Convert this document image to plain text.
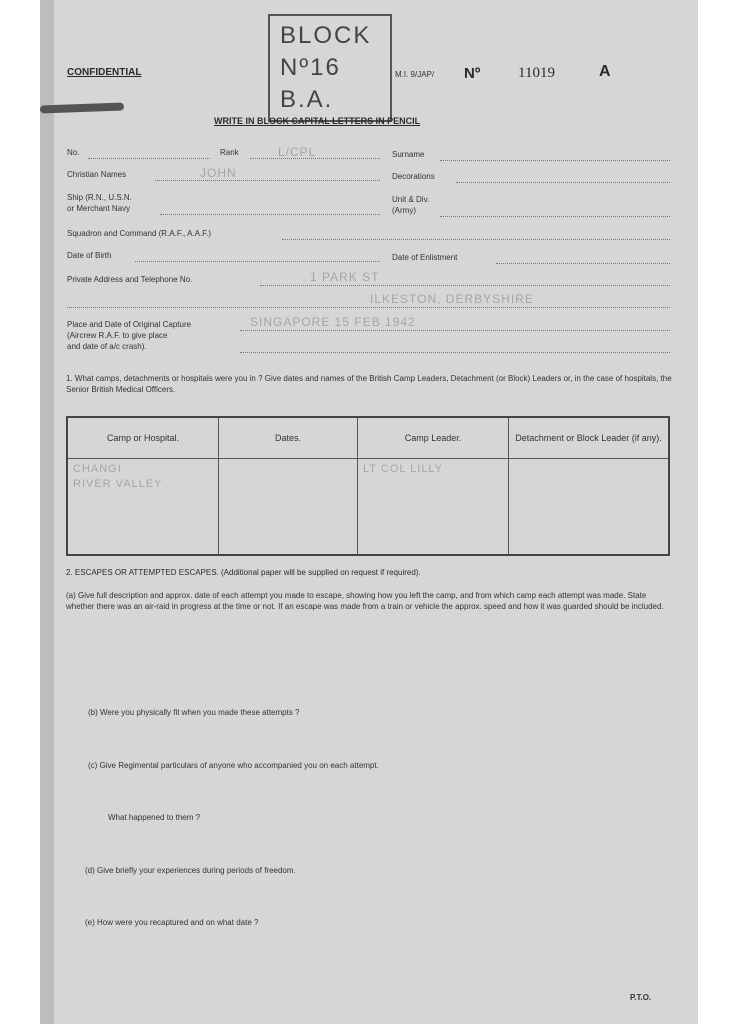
CONFIDENTIAL
BLOCK
Nº16
B.A.
M.I. 9/JAP/ Nº	11019	A
WRITE IN BLOCK CAPITAL LETTERS IN PENCIL
No.	Rank	L/CPL	Surname
Christian Names	JOHN	Decorations
Ship (R.N., U.S.N.
or Merchant Navy
Unit & Div.
(Army)
Squadron and Command (R.A.F., A.A.F.)
Date of Birth	Date of Enlistment
Private Address and Telephone No.	1 PARK ST
ILKESTON, DERBYSHIRE
Place and Date of Original Capture
(Aircrew R.A.F. to give place
and date of a/c crash).
SINGAPORE 15 FEB 1942
1. What camps, detachments or hospitals were you in ? Give dates and names of the British Camp Leaders, Detachment (or Block) Leaders or, in the case of hospitals, the Senior British Medical Officers.
Camp or Hospital.	Dates.	Camp Leader.	Detachment or Block Leader (if any).

CHANGI
RIVER VALLEY		LT COL LILLY	

2. ESCAPES OR ATTEMPTED ESCAPES. (Additional paper will be supplied on request if required).
(a) Give full description and approx. date of each attempt you made to escape, showing how you left the camp, and from which camp each attempt was made. State whether there was an air-raid in progress at the time or not. If an escape was made from a train or vehicle the approx. speed and how it was guarded should be included.
(b) Were you physically fit when you made these attempts ?
(c) Give Regimental particulars of anyone who accompanied you on each attempt.
What happened to them ?
(d) Give briefly your experiences during periods of freedom.
(e) How were you recaptured and on what date ?
P.T.O.
